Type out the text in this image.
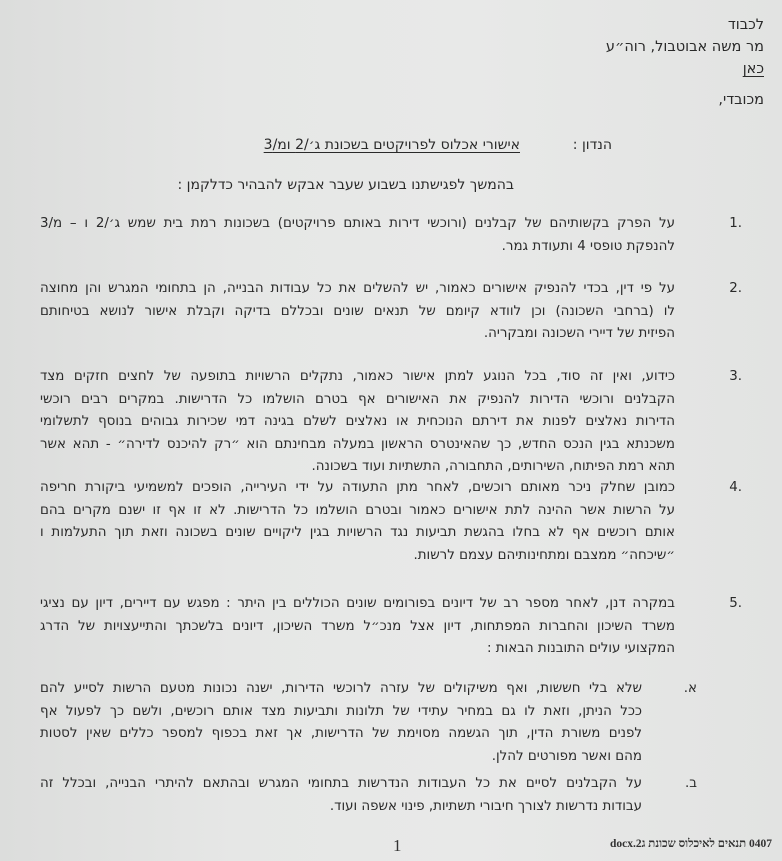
לכבוד
מר משה אבוטבול, רוה״ע
כאן
מכובדי,
הנדון :
אישורי אכלוס לפרויקטים בשכונת ג׳/2 ומ/3
בהמשך לפגישתנו בשבוע שעבר אבקש להבהיר כדלקמן :
1.
על הפרק בקשותיהם של קבלנים (ורוכשי דירות באותם פרויקטים) בשכונות רמת בית שמש ג׳/2 ו – מ/3
להנפקת טופסי 4 ותעודת גמר.
2.
על פי דין, בכדי להנפיק אישורים כאמור, יש להשלים את כל עבודות הבנייה, הן בתחומי המגרש והן מחוצה
לו (ברחבי השכונה) וכן לוודא קיומם של תנאים שונים ובכללם בדיקה וקבלת אישור לנושא בטיחותם
הפיזית של דיירי השכונה ומבקריה.
3.
כידוע, ואין זה סוד, בכל הנוגע למתן אישור כאמור, נתקלים הרשויות בתופעה של לחצים חזקים מצד
הקבלנים ורוכשי הדירות להנפיק את האישורים אף בטרם הושלמו כל הדרישות. במקרים רבים רוכשי
הדירות נאלצים לפנות את דירתם הנוכחית או נאלצים לשלם בגינה דמי שכירות גבוהים בנוסף לתשלומי
משכנתא בגין הנכס החדש, כך שהאינטרס הראשון במעלה מבחינתם הוא ״רק להיכנס לדירה״ - תהא אשר
תהא רמת הפיתוח, השירותים, התחבורה, התשתיות ועוד בשכונה.
4.
כמובן שחלק ניכר מאותם רוכשים, לאחר מתן התעודה על ידי העירייה, הופכים למשמיעי ביקורת חריפה
על הרשות אשר ההינה לתת אישורים כאמור ובטרם הושלמו כל הדרישות. לא זו אף זו ישנם מקרים בהם
אותם רוכשים אף לא בחלו בהגשת תביעות נגד הרשויות בגין ליקויים שונים בשכונה וזאת תוך התעלמות ו
״שיכחה״ ממצבם ומתחינותיהם עצמם לרשות.
5.
במקרה דנן, לאחר מספר רב של דיונים בפורומים שונים הכוללים בין היתר : מפגש עם דיירים, דיון עם נציגי
משרד השיכון והחברות המפתחות, דיון אצל מנכ״ל משרד השיכון, דיונים בלשכתך והתייעצויות של הדרג
המקצועי עולים התובנות הבאות :
א.
שלא בלי חששות, ואף משיקולים של עזרה לרוכשי הדירות, ישנה נכונות מטעם הרשות לסייע להם
ככל הניתן, וזאת לו גם במחיר עתידי של תלונות ותביעות מצד אותם רוכשים, ולשם כך לפעול אף
לפנים משורת הדין, תוך הגשמה מסוימת של הדרישות, אך זאת בכפוף למספר כללים שאין לסטות
מהם ואשר מפורטים להלן.
ב.
על הקבלנים לסיים את כל העבודות הנדרשות בתחומי המגרש ובהתאם להיתרי הבנייה, ובכלל זה
עבודות נדרשות לצורך חיבורי תשתיות, פינוי אשפה ועוד.
1	0407 תנאים לאיכלוס שכונת ג2.docx
